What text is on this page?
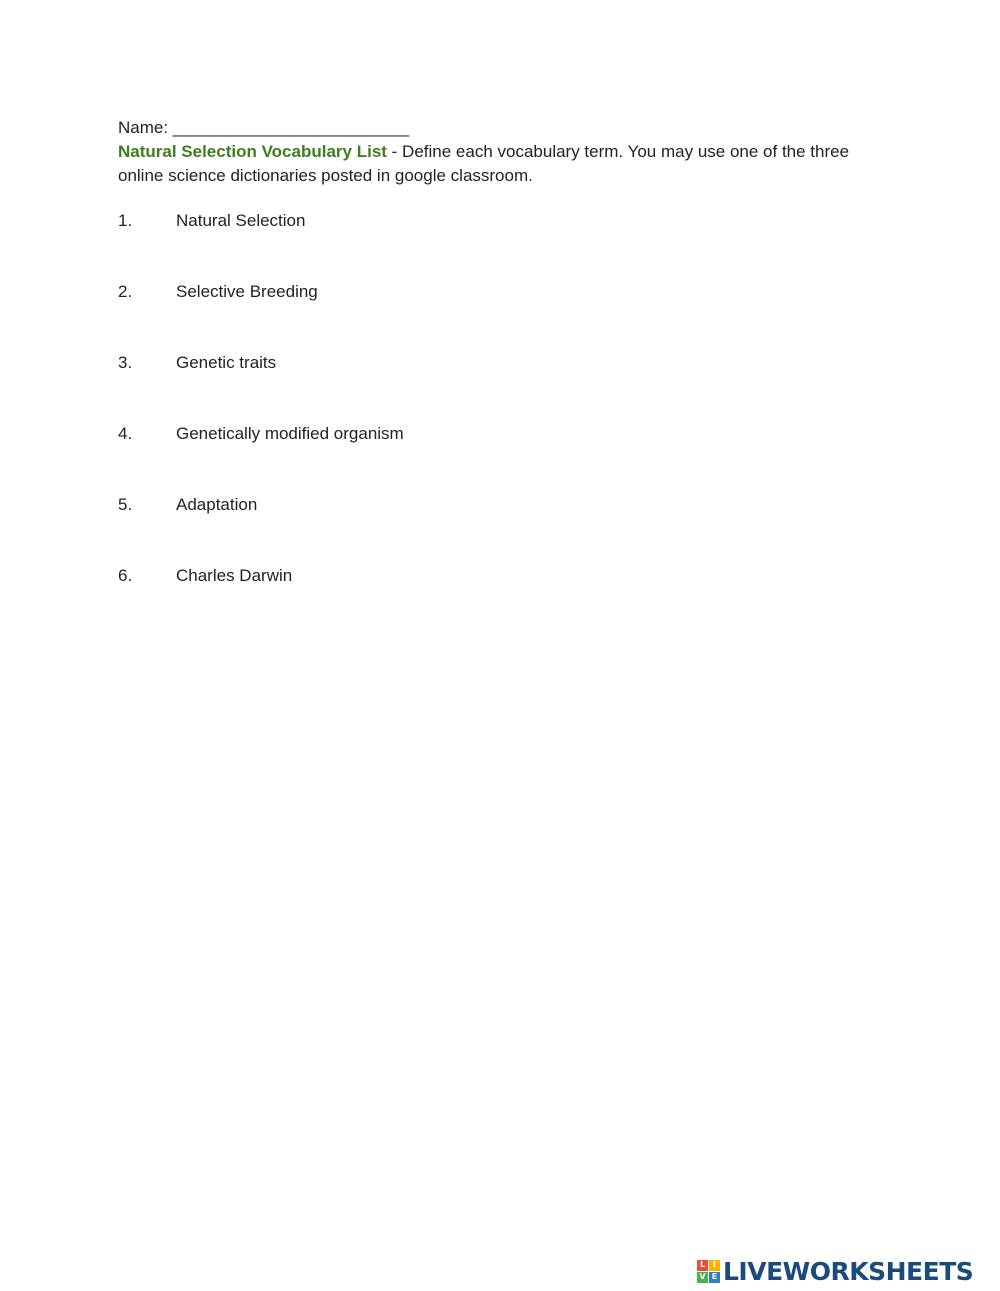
Name: _________________________

Natural Selection Vocabulary List - Define each vocabulary term. You may use one of the three online science dictionaries posted in google classroom.

1.	Natural Selection
2.	Selective Breeding
3.	Genetic traits
4.	Genetically modified organism
5.	Adaptation
6.	Charles Darwin
L I
V E LIVEWORKSHEETS
